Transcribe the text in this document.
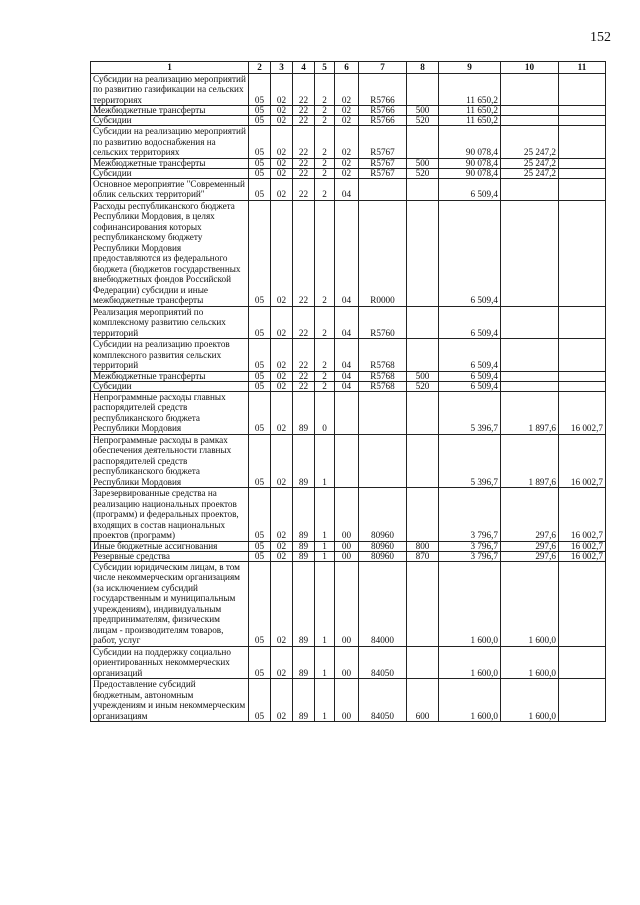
152
1	2	3	4	5	6	7	8	9	10	11
Субсидии на реализацию мероприятий по развитию газификации на сельских территориях	05	02	22	2	02	R5766		11 650,2		
Межбюджетные трансферты	05	02	22	2	02	R5766	500	11 650,2		
Субсидии	05	02	22	2	02	R5766	520	11 650,2		
Субсидии на реализацию мероприятий по развитию водоснабжения на сельских территориях	05	02	22	2	02	R5767		90 078,4	25 247,2	
Межбюджетные трансферты	05	02	22	2	02	R5767	500	90 078,4	25 247,2	
Субсидии	05	02	22	2	02	R5767	520	90 078,4	25 247,2	
Основное мероприятие "Современный облик сельских территорий"	05	02	22	2	04			6 509,4		
Расходы республиканского бюджета Республики Мордовия, в целях софинансирования которых республиканскому бюджету Республики Мордовия предоставляются из федерального бюджета (бюджетов государственных внебюджетных фондов Российской Федерации) субсидии и иные межбюджетные трансферты	05	02	22	2	04	R0000		6 509,4		
Реализация мероприятий по комплексному развитию сельских территорий	05	02	22	2	04	R5760		6 509,4		
Субсидии на реализацию проектов комплексного развития сельских территорий	05	02	22	2	04	R5768		6 509,4		
Межбюджетные трансферты	05	02	22	2	04	R5768	500	6 509,4		
Субсидии	05	02	22	2	04	R5768	520	6 509,4		
Непрограммные расходы главных распорядителей средств республиканского бюджета Республики Мордовия	05	02	89	0				5 396,7	1 897,6	16 002,7
Непрограммные расходы в рамках обеспечения деятельности главных распорядителей средств республиканского бюджета Республики Мордовия	05	02	89	1				5 396,7	1 897,6	16 002,7
Зарезервированные средства на реализацию национальных проектов (программ) и федеральных проектов, входящих в состав национальных проектов (программ)	05	02	89	1	00	80960		3 796,7	297,6	16 002,7
Иные бюджетные ассигнования	05	02	89	1	00	80960	800	3 796,7	297,6	16 002,7
Резервные средства	05	02	89	1	00	80960	870	3 796,7	297,6	16 002,7
Субсидии юридическим лицам, в том числе некоммерческим организациям (за исключением субсидий государственным и муниципальным учреждениям), индивидуальным предпринимателям, физическим лицам - производителям товаров, работ, услуг	05	02	89	1	00	84000		1 600,0	1 600,0	
Субсидии на поддержку социально ориентированных некоммерческих организаций	05	02	89	1	00	84050		1 600,0	1 600,0	
Предоставление субсидий бюджетным, автономным учреждениям и иным некоммерческим организациям	05	02	89	1	00	84050	600	1 600,0	1 600,0	
